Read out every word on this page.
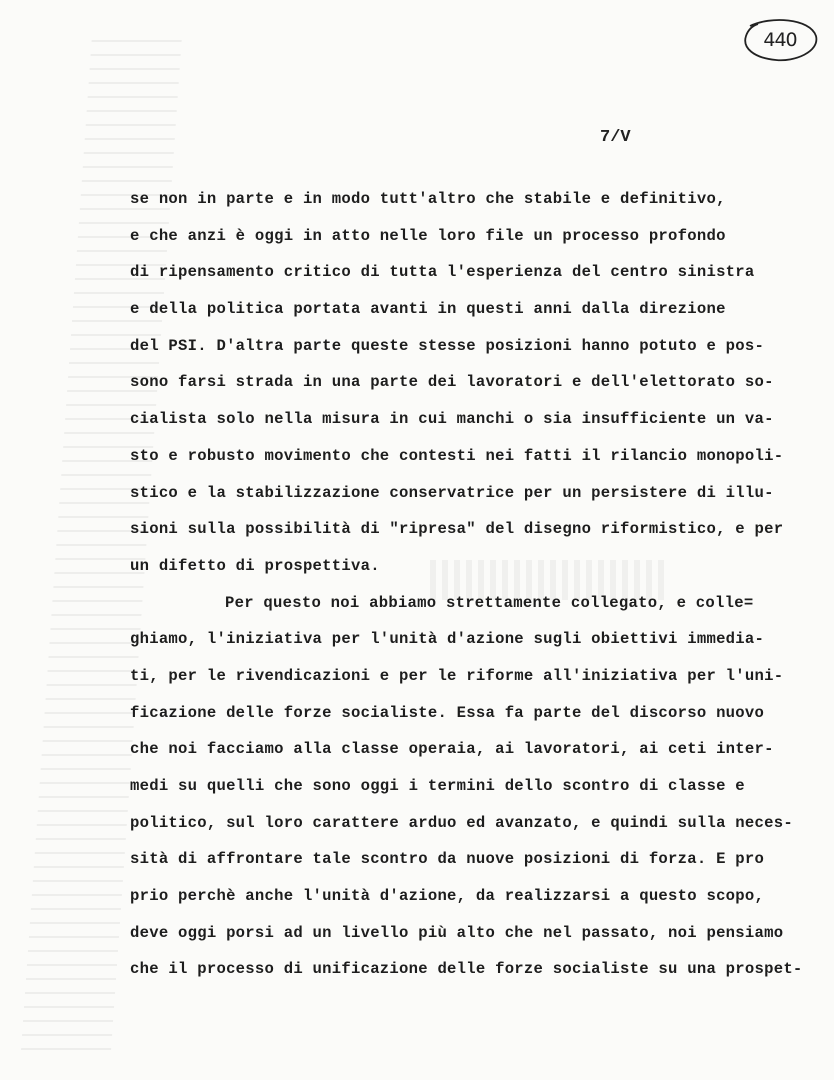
440
7/V
se non in parte e in modo tutt'altro che stabile e definitivo,
e che anzi è oggi in atto nelle loro file un processo profondo
di ripensamento critico di tutta l'esperienza del centro sinistra
e della politica portata avanti in questi anni dalla direzione
del PSI. D'altra parte queste stesse posizioni hanno potuto e pos-
sono farsi strada in una parte dei lavoratori e dell'elettorato so-
cialista solo nella misura in cui manchi o sia insufficiente un va-
sto e robusto movimento che contesti nei fatti il rilancio monopoli-
stico e la stabilizzazione conservatrice per un persistere di illu-
sioni sulla possibilità di "ripresa" del disegno riformistico, e per
un difetto di prospettiva.
Per questo noi abbiamo strettamente collegato, e colle=
ghiamo, l'iniziativa per l'unità d'azione sugli obiettivi immedia-
ti, per le rivendicazioni e per le riforme all'iniziativa per l'uni-
ficazione delle forze socialiste. Essa fa parte del discorso nuovo
che noi facciamo alla classe operaia, ai lavoratori, ai ceti inter-
medi su quelli che sono oggi i termini dello scontro di classe e
politico, sul loro carattere arduo ed avanzato, e quindi sulla neces-
sità di affrontare tale scontro da nuove posizioni di forza. E pro
prio perchè anche l'unità d'azione, da realizzarsi a questo scopo,
deve oggi porsi ad un livello più alto che nel passato, noi pensiamo
che il processo di unificazione delle forze socialiste su una prospet-
